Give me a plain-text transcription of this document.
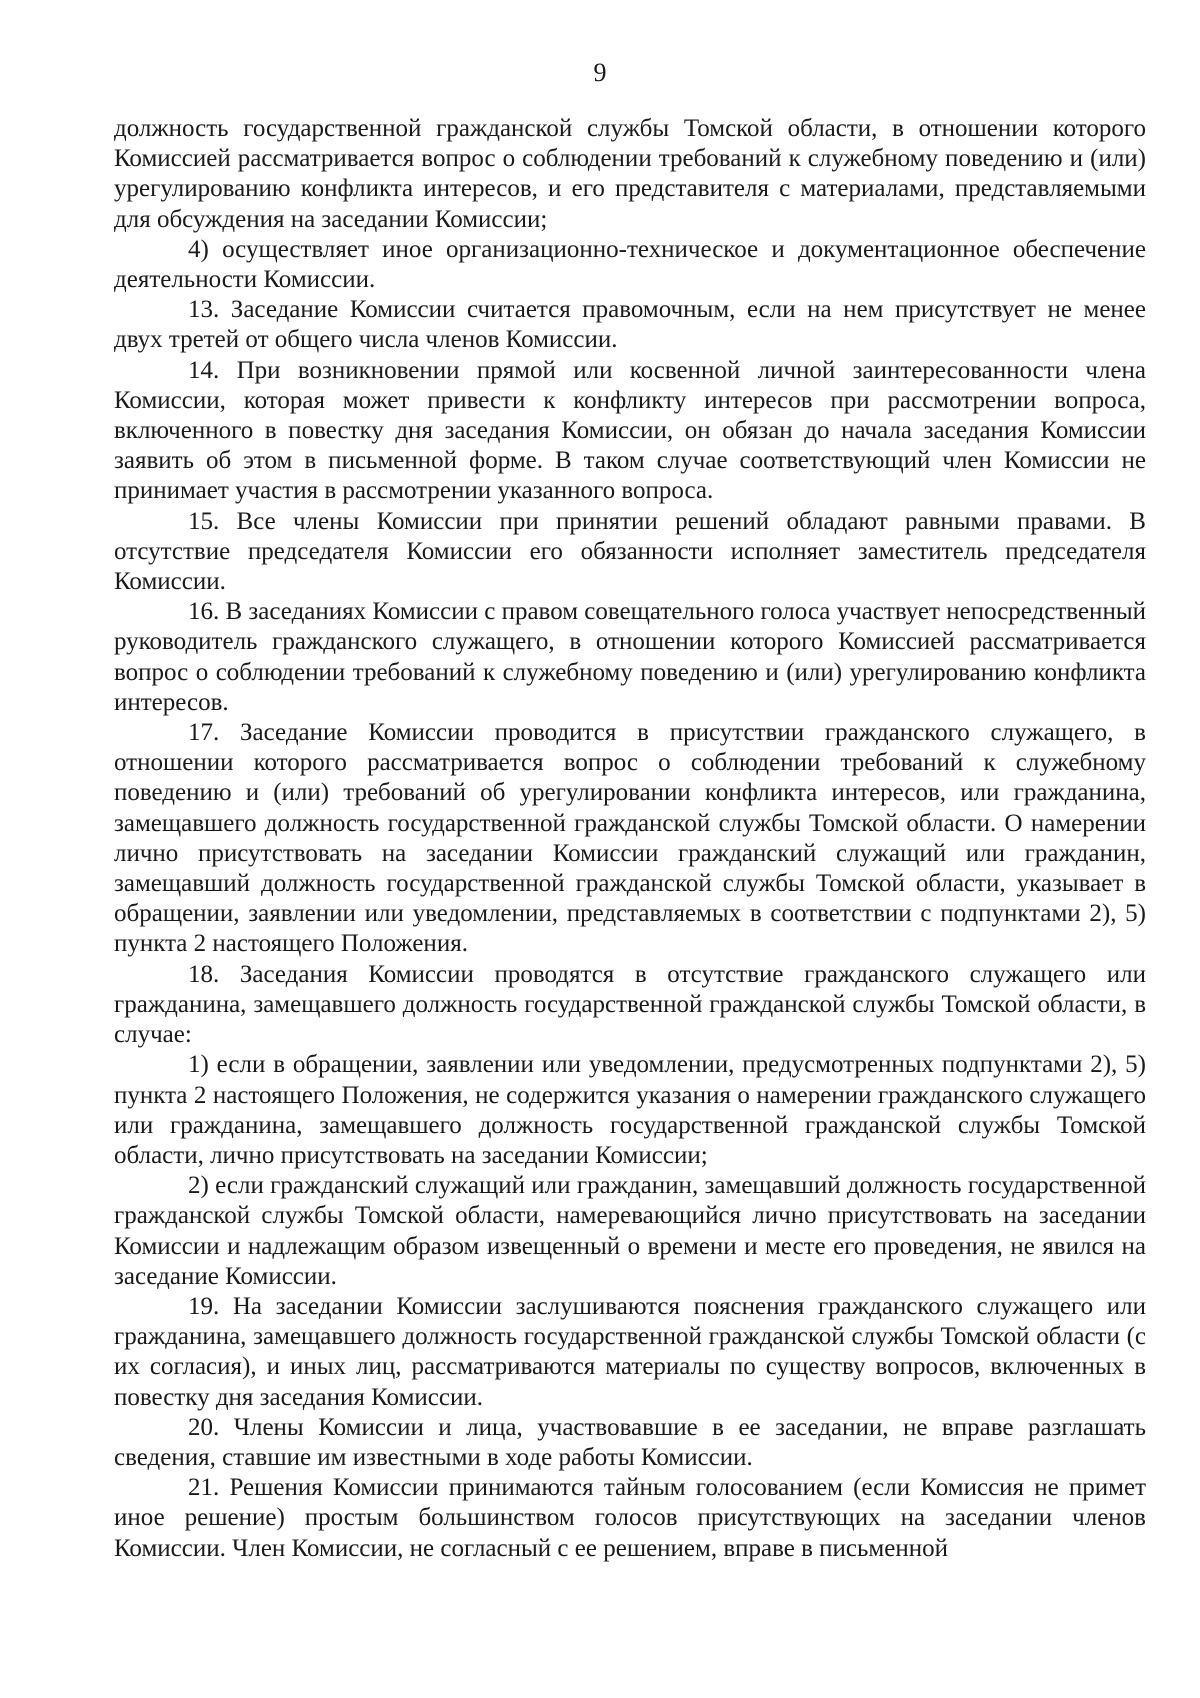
9

должность государственной гражданской службы Томской области, в отношении которого Комиссией рассматривается вопрос о соблюдении требований к служебному поведению и (или) урегулированию конфликта интересов, и его представителя с материалами, представляемыми для обсуждения на заседании Комиссии;

4) осуществляет иное организационно-техническое и документационное обеспечение деятельности Комиссии.

13. Заседание Комиссии считается правомочным, если на нем присутствует не менее двух третей от общего числа членов Комиссии.

14. При возникновении прямой или косвенной личной заинтересованности члена Комиссии, которая может привести к конфликту интересов при рассмотрении вопроса, включенного в повестку дня заседания Комиссии, он обязан до начала заседания Комиссии заявить об этом в письменной форме. В таком случае соответствующий член Комиссии не принимает участия в рассмотрении указанного вопроса.

15. Все члены Комиссии при принятии решений обладают равными правами. В отсутствие председателя Комиссии его обязанности исполняет заместитель председателя Комиссии.

16. В заседаниях Комиссии с правом совещательного голоса участвует непосредственный руководитель гражданского служащего, в отношении которого Комиссией рассматривается вопрос о соблюдении требований к служебному поведению и (или) урегулированию конфликта интересов.

17. Заседание Комиссии проводится в присутствии гражданского служащего, в отношении которого рассматривается вопрос о соблюдении требований к служебному поведению и (или) требований об урегулировании конфликта интересов, или гражданина, замещавшего должность государственной гражданской службы Томской области. О намерении лично присутствовать на заседании Комиссии гражданский служащий или гражданин, замещавший должность государственной гражданской службы Томской области, указывает в обращении, заявлении или уведомлении, представляемых в соответствии с подпунктами 2), 5) пункта 2 настоящего Положения.

18. Заседания Комиссии проводятся в отсутствие гражданского служащего или гражданина, замещавшего должность государственной гражданской службы Томской области, в случае:

1) если в обращении, заявлении или уведомлении, предусмотренных подпунктами 2), 5) пункта 2 настоящего Положения, не содержится указания о намерении гражданского служащего или гражданина, замещавшего должность государственной гражданской службы Томской области, лично присутствовать на заседании Комиссии;

2) если гражданский служащий или гражданин, замещавший должность государственной гражданской службы Томской области, намеревающийся лично присутствовать на заседании Комиссии и надлежащим образом извещенный о времени и месте его проведения, не явился на заседание Комиссии.

19. На заседании Комиссии заслушиваются пояснения гражданского служащего или гражданина, замещавшего должность государственной гражданской службы Томской области (с их согласия), и иных лиц, рассматриваются материалы по существу вопросов, включенных в повестку дня заседания Комиссии.

20. Члены Комиссии и лица, участвовавшие в ее заседании, не вправе разглашать сведения, ставшие им известными в ходе работы Комиссии.

21. Решения Комиссии принимаются тайным голосованием (если Комиссия не примет иное решение) простым большинством голосов присутствующих на заседании членов Комиссии. Член Комиссии, не согласный с ее решением, вправе в письменной
